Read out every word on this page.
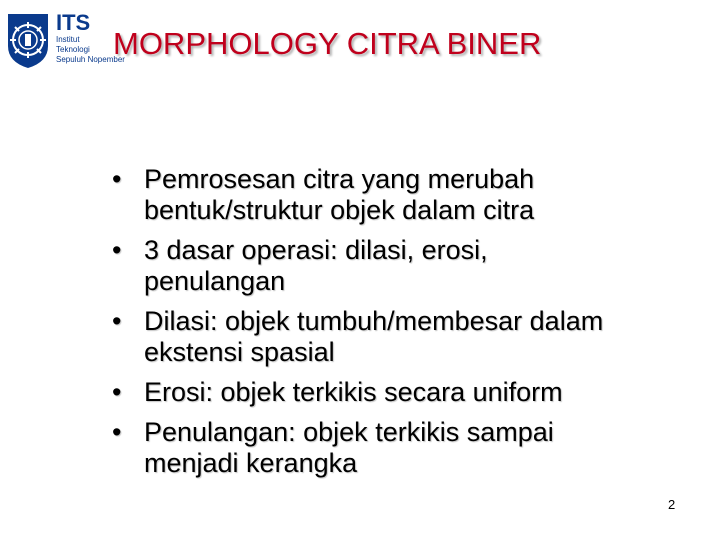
ITS
Institut
Teknologi
Sepuluh Nopember
MORPHOLOGY CITRA BINER
• Pemrosesan citra yang merubah
bentuk/struktur objek dalam citra
• 3 dasar operasi: dilasi, erosi,
penulangan
• Dilasi: objek tumbuh/membesar dalam
ekstensi spasial
• Erosi: objek terkikis secara uniform
• Penulangan: objek terkikis sampai
menjadi kerangka
2
